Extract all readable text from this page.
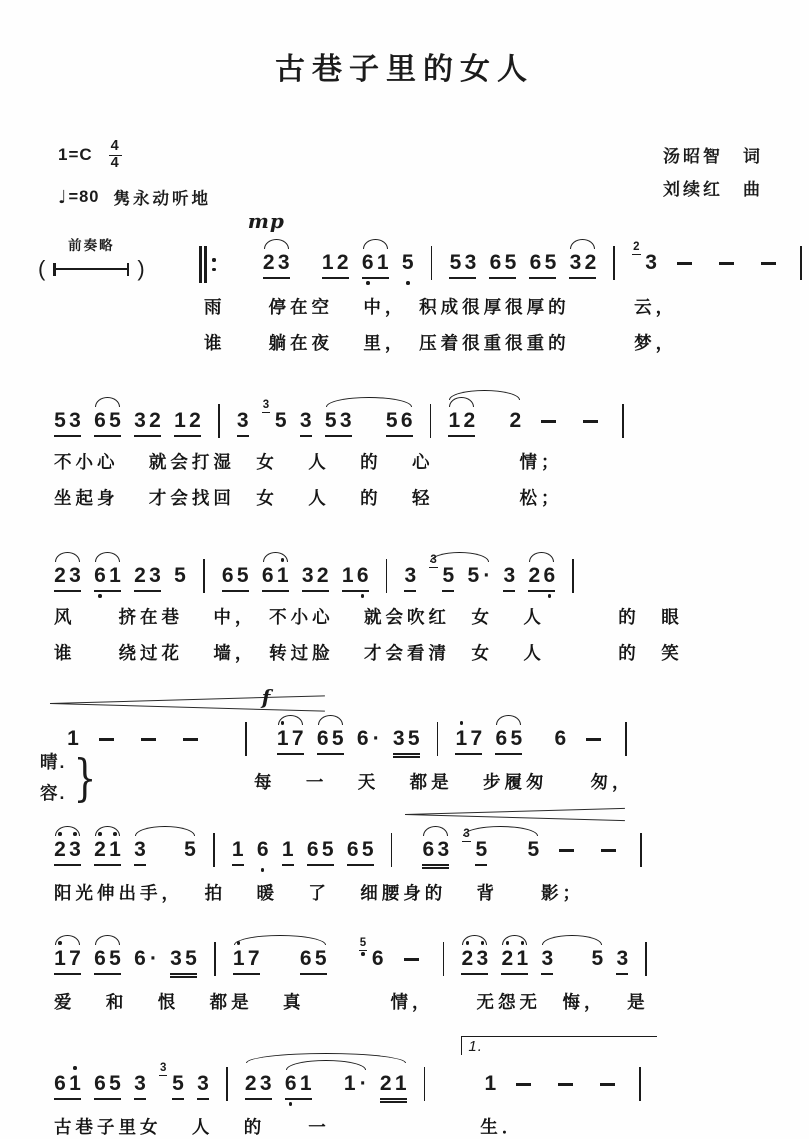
古巷子里的女人
$1=C \frac{4}{4}$
♩ =80 隽永动听地
汤昭智　词
刘续红　曲
前奏略
(	)
mp
2 3 1 2 6 1 5 5 3 6 5 6 5 3 2
2
3
雨　　停在空　 中，　积成很厚很厚的　　　云，
谁　　躺在夜　 里，　压着很重很重的　　　梦，
5 3 6 5 3 2 1 2 3
3
5 3 5 3 5 6 1 2 2
不小心　 就会打湿　女　 人　 的　 心　　　　情；
坐起身　 才会找回　女　 人　 的　 轻　　　　松；
2 3 6 1 2 3 5 6 5 6 1 3 2 1 6 3
3
5 5 · 3 2 6
风　　挤在巷　 中，　不小心　 就会吹红　女　 人　　　 的　眼
谁　　绕过花　 墙，　转过脸　 才会看清　女　 人　　　 的　笑
1
f
1 7 6 5 6 · 3 5 1 7 6 5 6
晴.
容. }	每　 一　 天　 都是　 步履匆　　匆，
2 3 2 1 3 5 1 6 1 6 5 6 5 6 3
3
5 5
阳光伸出手，　 拍　 暖　 了　 细腰身的　 背　　影；
1 7 6 5 6 · 3 5 1 7 6 5
5
6	2 3 2 1 3 5 3
爱　 和　 恨　 都是　 真　　　　情，　　 无怨无　悔，　 是
6 1 6 5 3
3
5 3 2 3 6 1 1 · 2 1
1.
1
古巷子里女　 人　 的　　一　　　　　　　生．
